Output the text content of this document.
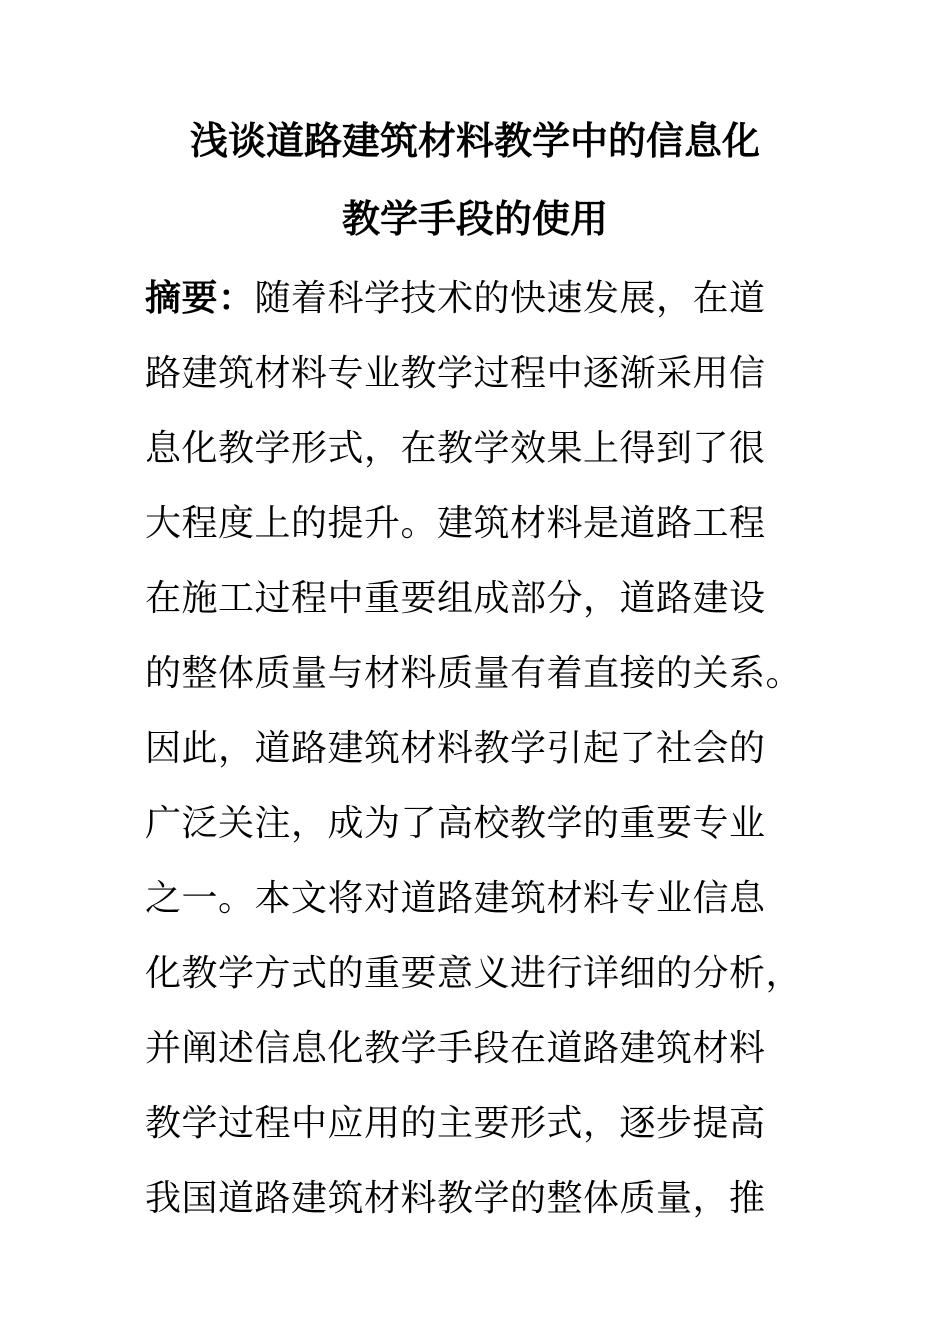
浅谈道路建筑材料教学中的信息化
教学手段的使用
摘要：随着科学技术的快速发展，在道
路建筑材料专业教学过程中逐渐采用信
息化教学形式，在教学效果上得到了很
大程度上的提升。建筑材料是道路工程
在施工过程中重要组成部分，道路建设
的整体质量与材料质量有着直接的关系。
因此，道路建筑材料教学引起了社会的
广泛关注，成为了高校教学的重要专业
之一。本文将对道路建筑材料专业信息
化教学方式的重要意义进行详细的分析，
并阐述信息化教学手段在道路建筑材料
教学过程中应用的主要形式，逐步提高
我国道路建筑材料教学的整体质量，推
